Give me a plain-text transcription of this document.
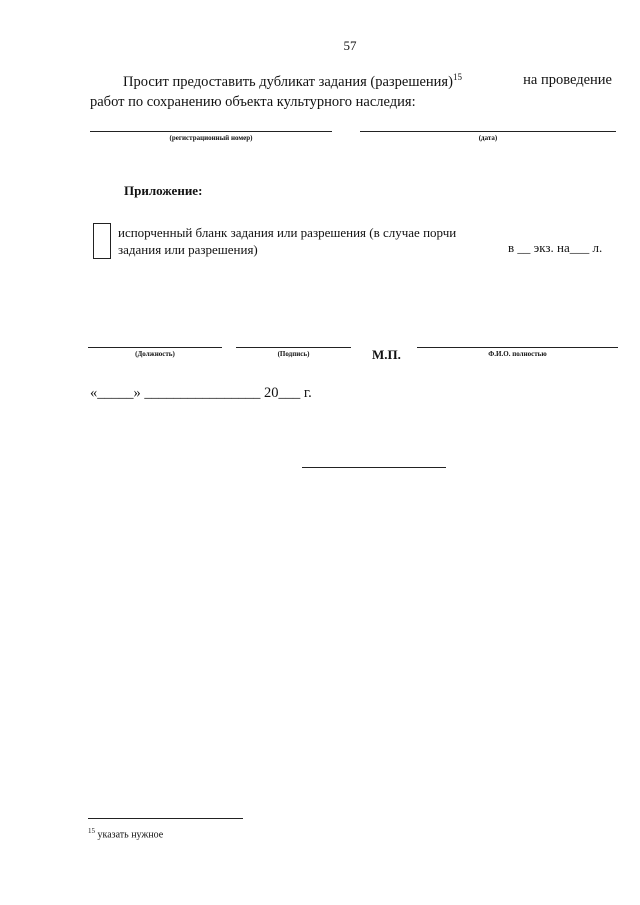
57
Просит предоставить дубликат задания (разрешения)$^{15}$	на проведение
работ по сохранению объекта культурного наследия:
(регистрационный номер)	(дата)
Приложение:
испорченный бланк задания или разрешения (в случае порчи
задания или разрешения)	в __ экз. на___ л.
(Должность)	(Подпись)	М.П.	Ф.И.О. полностью
«_____» ________________ 20___ г.
$^{15}$ указать нужное
